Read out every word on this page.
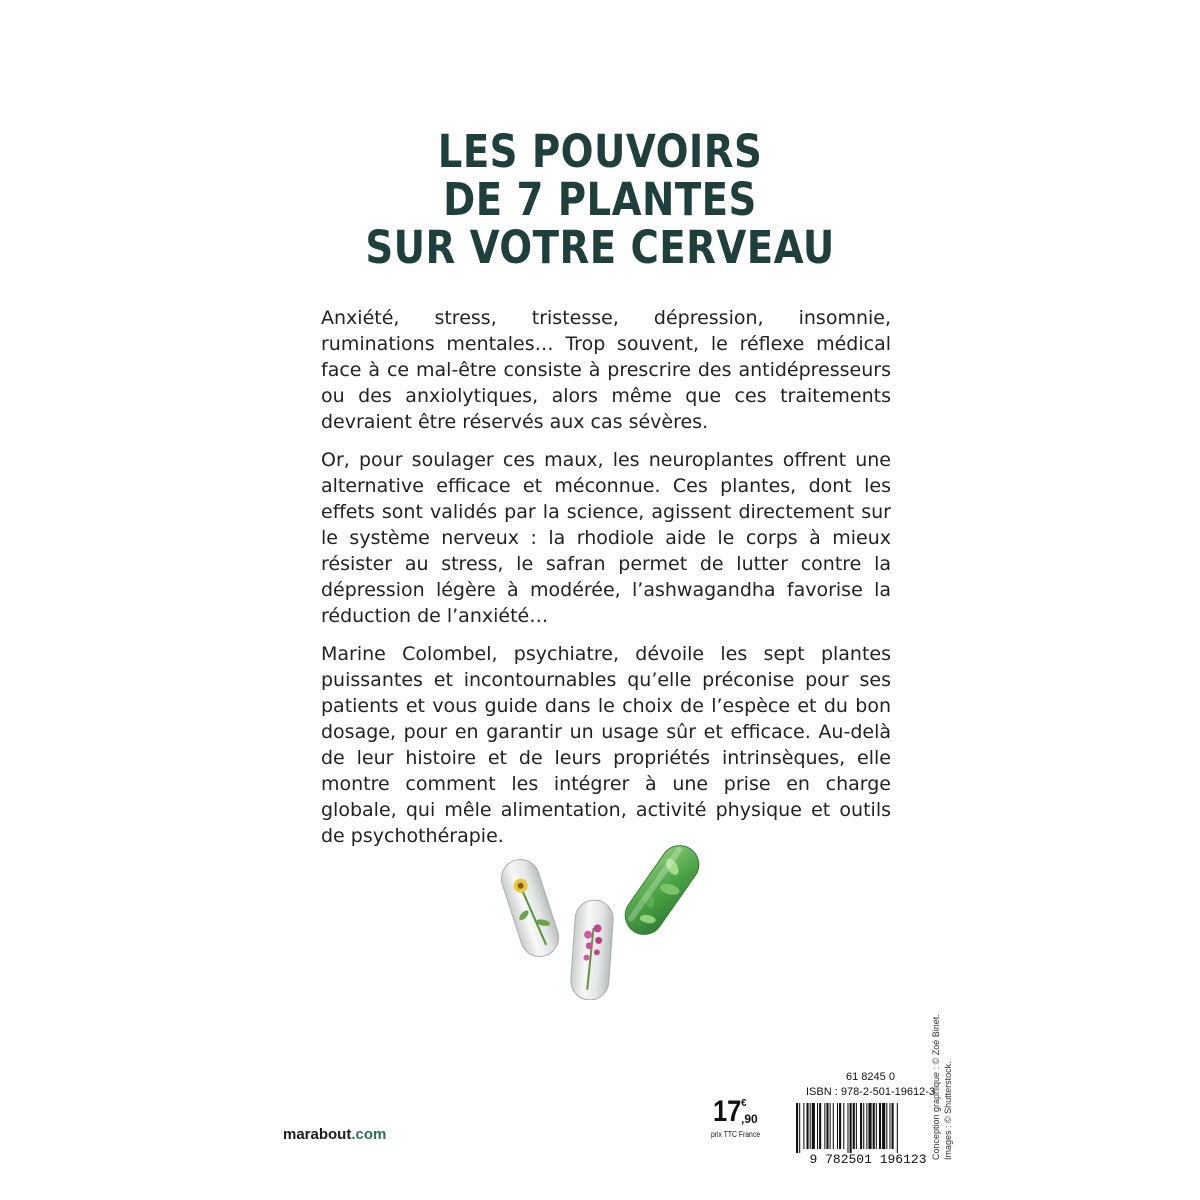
LES POUVOIRS
DE 7 PLANTES
SUR VOTRE CERVEAU

Anxiété, stress, tristesse, dépression, insomnie, ruminations mentales… Trop souvent, le réflexe médical face à ce mal-être consiste à prescrire des antidépresseurs ou des anxiolytiques, alors même que ces traitements devraient être réservés aux cas sévères.

Or, pour soulager ces maux, les neuroplantes offrent une alternative efficace et méconnue. Ces plantes, dont les effets sont validés par la science, agissent directement sur le système nerveux : la rhodiole aide le corps à mieux résister au stress, le safran permet de lutter contre la dépression légère à modérée, l’ashwagandha favorise la réduction de l’anxiété…

Marine Colombel, psychiatre, dévoile les sept plantes puissantes et incontournables qu’elle préconise pour ses patients et vous guide dans le choix de l’espèce et du bon dosage, pour en garantir un usage sûr et efficace. Au-delà de leur histoire et de leurs propriétés intrinsèques, elle montre comment les intégrer à une prise en charge globale, qui mêle alimentation, activité physique et outils de psychothérapie.

marabout.com
17 €
,90
prix TTC France
61 8245 0
ISBN : 978-2-501-19612-3
9 782501 196123 Conception graphique : © Zoé Binet. Images : © Shutterstock.
